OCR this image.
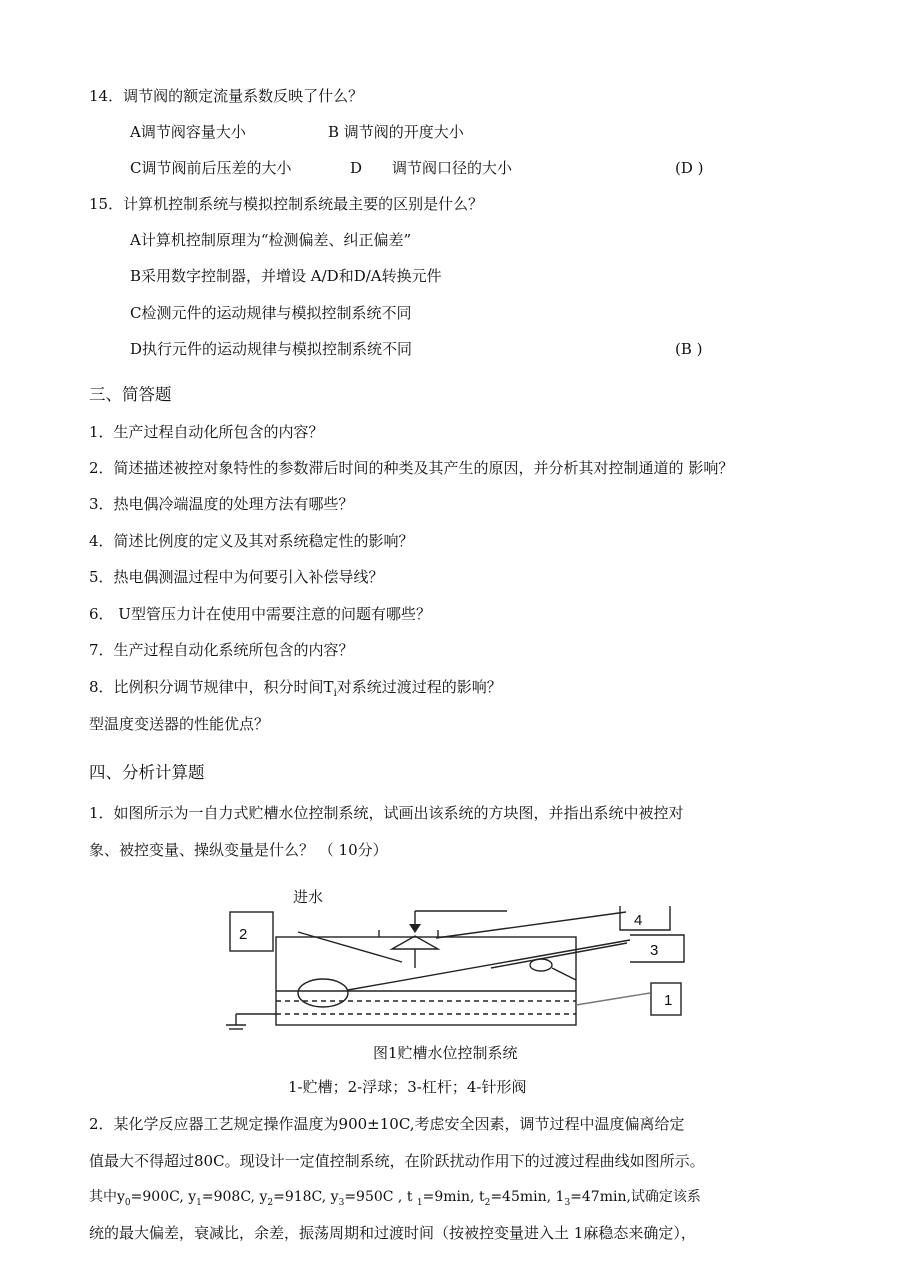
14．调节阀的额定流量系数反映了什么？
A调节阀容量大小	B 调节阀的开度大小
C调节阀前后压差的大小	D 调节阀口径的大小	(D )
15．计算机控制系统与模拟控制系统最主要的区别是什么？
A计算机控制原理为“检测偏差、纠正偏差”
B采用数字控制器，并增设 A/D和D/A转换元件
C检测元件的运动规律与模拟控制系统不同
D执行元件的运动规律与模拟控制系统不同	(B )
三、简答题
1．生产过程自动化所包含的内容？
2．简述描述被控对象特性的参数滞后时间的种类及其产生的原因，并分析其对控制通道的 影响？
3．热电偶冷端温度的处理方法有哪些？
4．简述比例度的定义及其对系统稳定性的影响？
5．热电偶测温过程中为何要引入补偿导线？
6． U型管压力计在使用中需要注意的问题有哪些？
7．生产过程自动化系统所包含的内容？
8．比例积分调节规律中，积分时间$T_i$对系统过渡过程的影响？
型温度变送器的性能优点？
四、分析计算题
1．如图所示为一自力式贮槽水位控制系统，试画出该系统的方块图，并指出系统中被控对
象、被控变量、操纵变量是什么？ （ 10分）
进水
2
4
3
1
图1贮槽水位控制系统
1-贮槽；2-浮球；3-杠杆；4-针形阀
2．某化学反应器工艺规定操作温度为900±10C,考虑安全因素，调节过程中温度偏离给定
值最大不得超过80C。现设计一定值控制系统，在阶跃扰动作用下的过渡过程曲线如图所示。
其中$y_0=900C$, $y_1=908C$, $y_2=918C$, $y_3=950C$ , t $_1$=9min, $t_2=45\min$, $1_3=47\min$,试确定该系
统的最大偏差，衰减比，余差，振荡周期和过渡时间（按被控变量进入土 1麻稳态来确定），
